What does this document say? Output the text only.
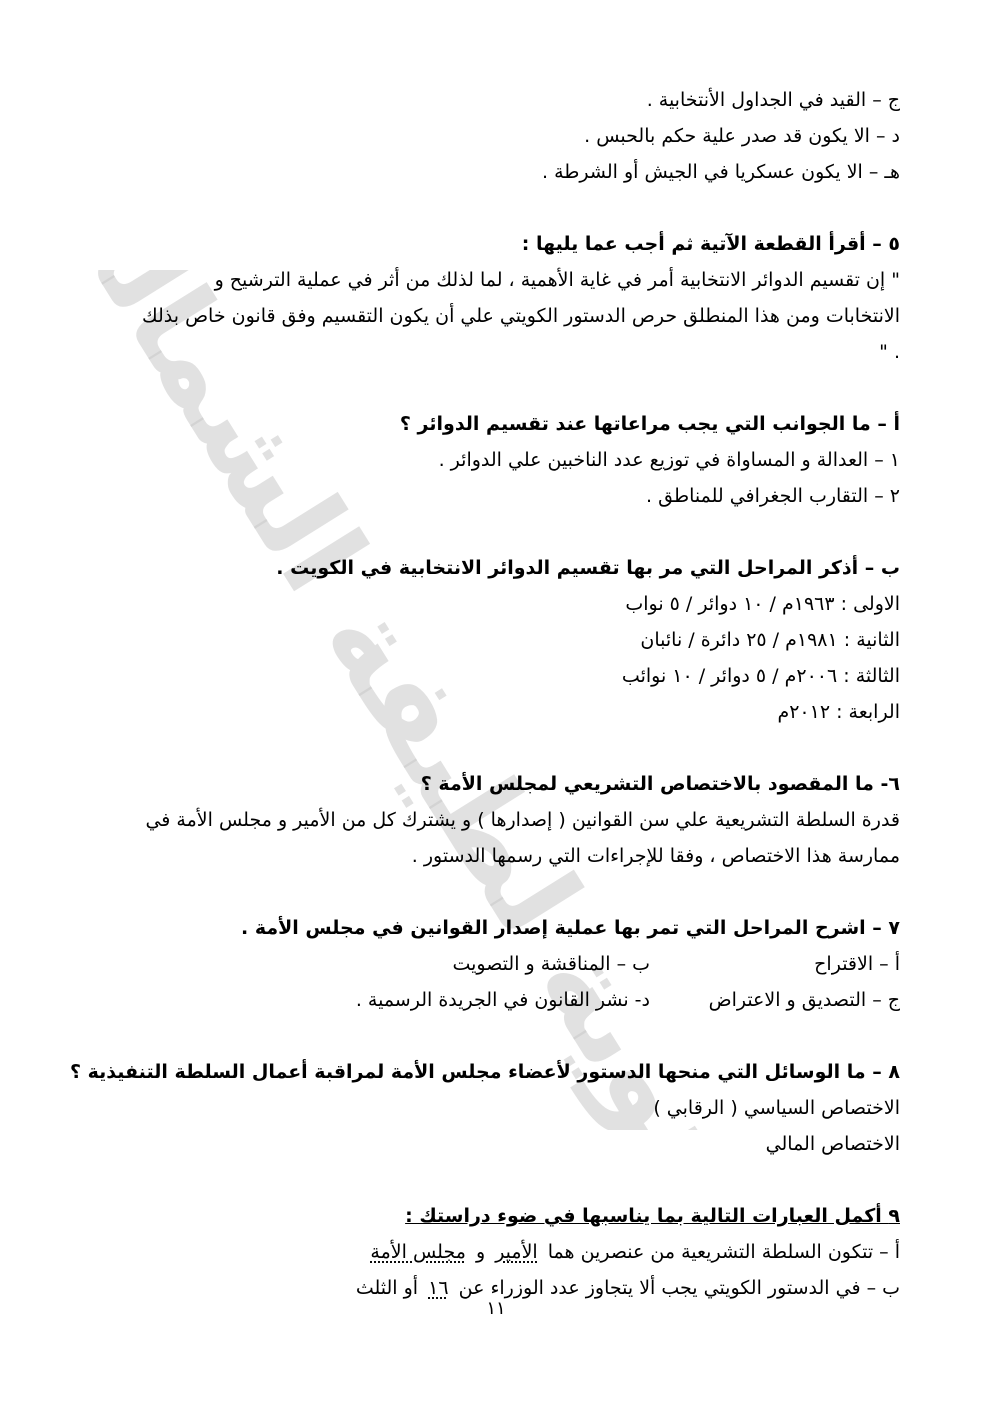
ثانوية لطيفة الشمالي
ج – القيد في الجداول الأنتخابية .
د – الا يكون قد صدر علية حكم بالحبس .
هـ – الا يكون عسكريا في الجيش أو الشرطة .
٥ – أقرأ القطعة الآتية ثم أجب عما يليها :
" إن تقسيم الدوائر الانتخابية أمر في غاية الأهمية ، لما لذلك من أثر في عملية الترشيح و
الانتخابات ومن هذا المنطلق حرص الدستور الكويتي علي أن يكون التقسيم وفق قانون خاص بذلك
" .
أ – ما الجوانب التي يجب مراعاتها عند تقسيم الدوائر ؟
١ – العدالة و المساواة في توزيع عدد الناخبين علي الدوائر .
٢ – التقارب الجغرافي للمناطق .
ب – أذكر المراحل التي مر بها تقسيم الدوائر الانتخابية في الكويت .
الاولى : ١٩٦٣م / ١٠ دوائر / ٥ نواب
الثانية : ١٩٨١م / ٢٥ دائرة / نائبان
الثالثة : ٢٠٠٦م / ٥ دوائر / ١٠ نوائب
الرابعة : ٢٠١٢م
٦- ما المقصود بالاختصاص التشريعي لمجلس الأمة ؟
قدرة السلطة التشريعية علي سن القوانين ( إصدارها ) و يشترك كل من الأمير و مجلس الأمة في
ممارسة هذا الاختصاص ، وفقا للإجراءات التي رسمها الدستور .
٧ – اشرح المراحل التي تمر بها عملية إصدار القوانين في مجلس الأمة .
أ – الاقتراح
ب – المناقشة و التصويت
ج – التصديق و الاعتراض
د- نشر القانون في الجريدة الرسمية .
٨ – ما الوسائل التي منحها الدستور لأعضاء مجلس الأمة لمراقبة أعمال السلطة التنفيذية ؟
الاختصاص السياسي ( الرقابي )
الاختصاص المالي
٩ أكمل العبارات التالية بما يناسبها في ضوء دراستك :
أ – تتكون السلطة التشريعية من عنصرين هما الأمير و مجلس الأمة
ب – في الدستور الكويتي يجب ألا يتجاوز عدد الوزراء عن ١٦ أو الثلث
١١
